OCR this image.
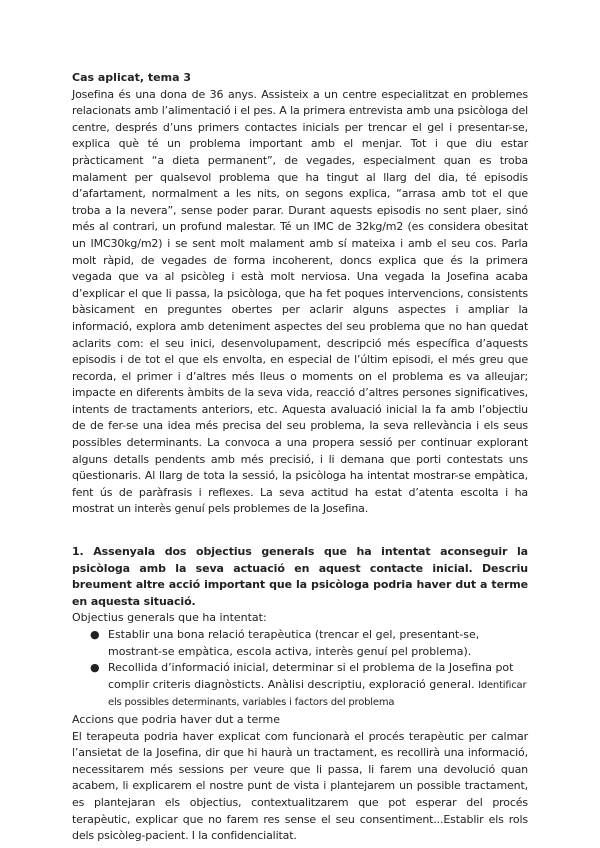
Cas aplicat, tema 3

Josefina és una dona de 36 anys. Assisteix a un centre especialitzat en problemes relacionats amb l’alimentació i el pes. A la primera entrevista amb una psicòloga del centre, després d’uns primers contactes inicials per trencar el gel i presentar-se, explica què té un problema important amb el menjar. Tot i que diu estar pràcticament “a dieta permanent”, de vegades, especialment quan es troba malament per qualsevol problema que ha tingut al llarg del dia, té episodis d’afartament, normalment a les nits, on segons explica, “arrasa amb tot el que troba a la nevera”, sense poder parar. Durant aquests episodis no sent plaer, sinó més al contrari, un profund malestar. Té un IMC de 32kg/m2 (es considera obesitat un IMC30kg/m2) i se sent molt malament amb sí mateixa i amb el seu cos. Parla molt ràpid, de vegades de forma incoherent, doncs explica que és la primera vegada que va al psicòleg i està molt nerviosa. Una vegada la Josefina acaba d’explicar el que li passa, la psicòloga, que ha fet poques intervencions, consistents bàsicament en preguntes obertes per aclarir alguns aspectes i ampliar la informació, explora amb deteniment aspectes del seu problema que no han quedat aclarits com: el seu inici, desenvolupament, descripció més específica d’aquests episodis i de tot el que els envolta, en especial de l’últim episodi, el més greu que recorda, el primer i d’altres més lleus o moments on el problema es va alleujar; impacte en diferents àmbits de la seva vida, reacció d’altres persones significatives, intents de tractaments anteriors, etc. Aquesta avaluació inicial la fa amb l’objectiu de de fer-se una idea més precisa del seu problema, la seva rellevància i els seus possibles determinants. La convoca a una propera sessió per continuar explorant alguns detalls pendents amb més precisió, i li demana que porti contestats uns qüestionaris. Al llarg de tota la sessió, la psicòloga ha intentat mostrar-se empàtica, fent ús de paràfrasis i reflexes. La seva actitud ha estat d’atenta escolta i ha mostrat un interès genuí pels problemes de la Josefina.

1. Assenyala dos objectius generals que ha intentat aconseguir la psicòloga amb la seva actuació en aquest contacte inicial. Descriu breument altre acció important que la psicòloga podria haver dut a terme en aquesta situació.

Objectius generals que ha intentat:

● Establir una bona relació terapèutica (trencar el gel, presentant-se, mostrant-se empàtica, escola activa, interès genuí pel problema).
● Recollida d’informació inicial, determinar si el problema de la Josefina pot complir criteris diagnòsticts. Anàlisi descriptiu, exploració general. Identificar els possibles determinants, variables i factors del problema

Accions que podria haver dut a terme

El terapeuta podria haver explicat com funcionarà el procés terapèutic per calmar l’ansietat de la Josefina, dir que hi haurà un tractament, es recollirà una informació, necessitarem més sessions per veure que li passa, li farem una devolució quan acabem, li explicarem el nostre punt de vista i plantejarem un possible tractament, es plantejaran els objectius, contextualitzarem que pot esperar del procés terapèutic, explicar que no farem res sense el seu consentiment...Establir els rols dels psicòleg-pacient. I la confidencialitat.
